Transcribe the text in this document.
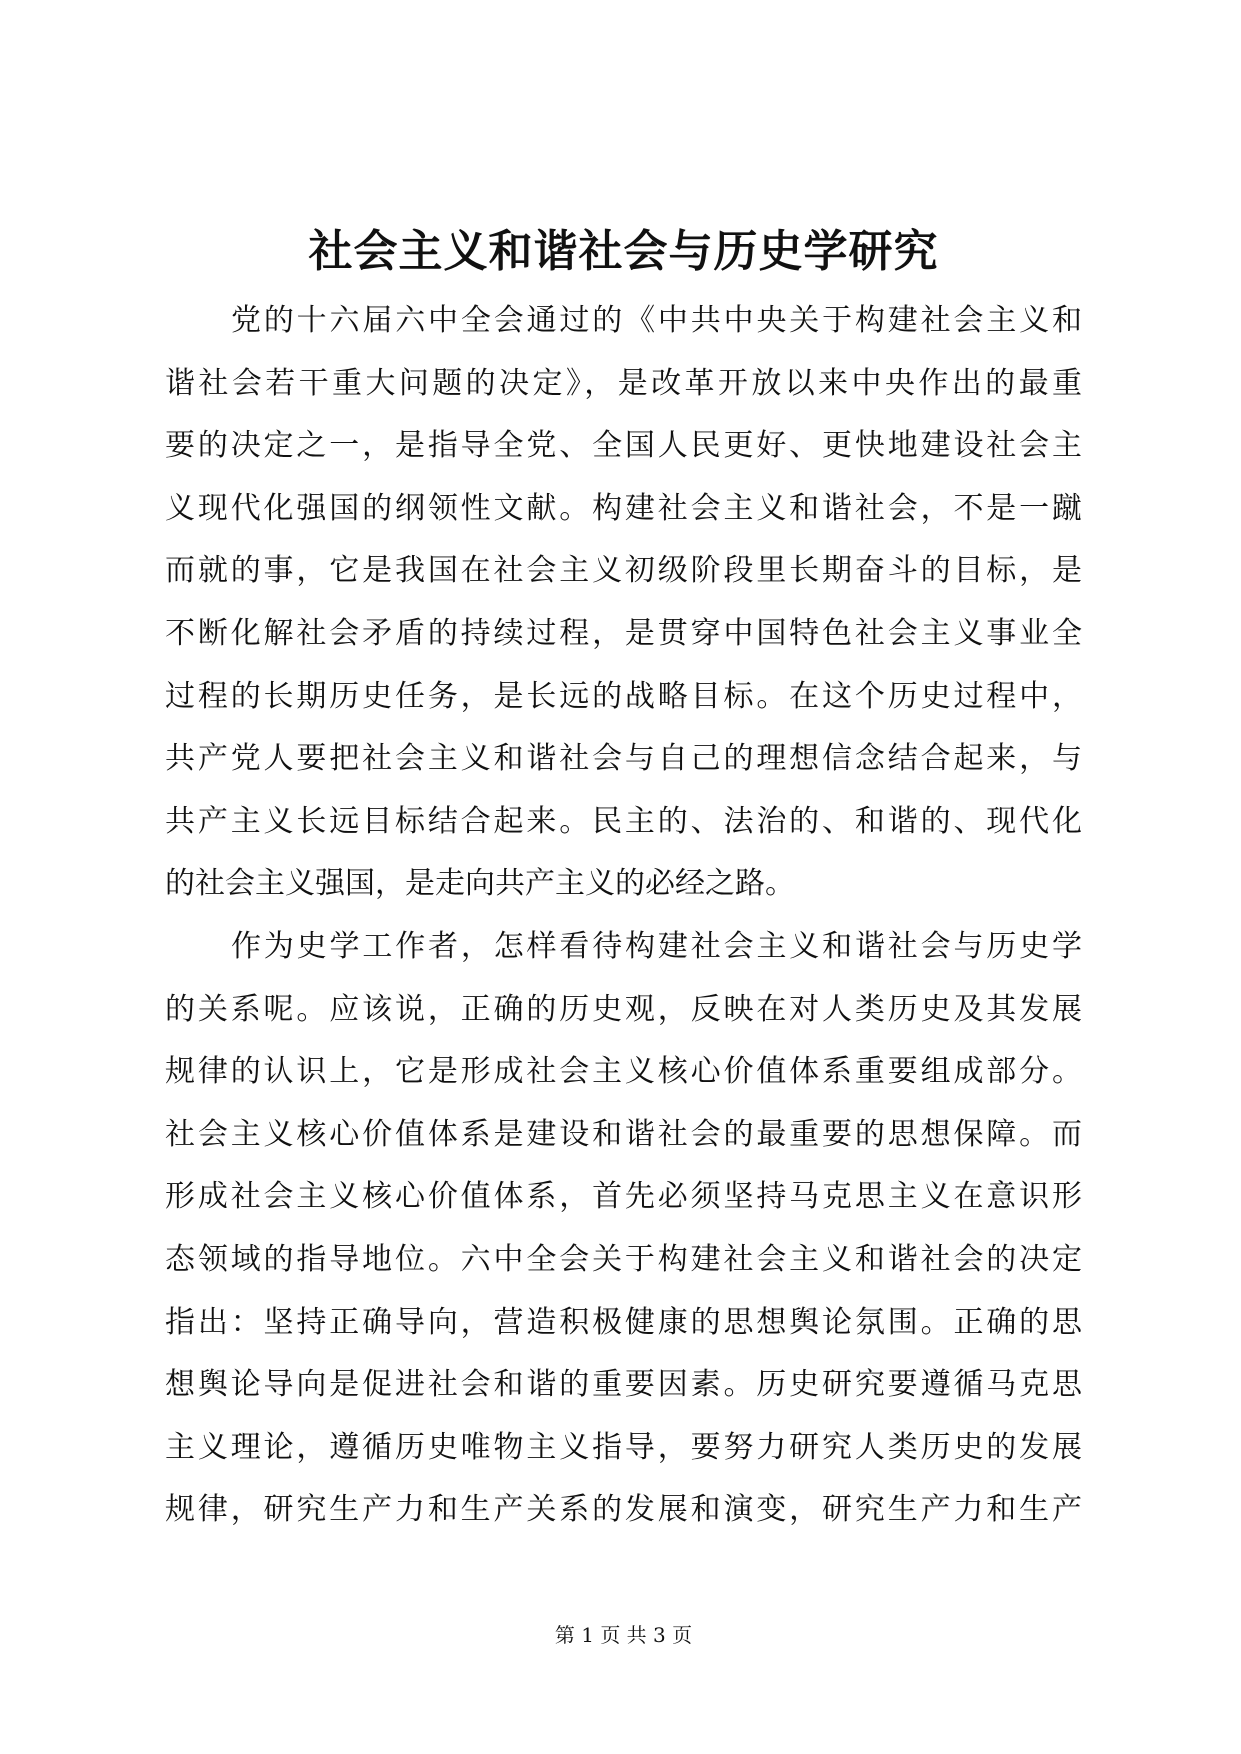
社会主义和谐社会与历史学研究
党的十六届六中全会通过的《中共中央关于构建社会主义和
谐社会若干重大问题的决定》，是改革开放以来中央作出的最重
要的决定之一，是指导全党、全国人民更好、更快地建设社会主
义现代化强国的纲领性文献。构建社会主义和谐社会，不是一蹴
而就的事，它是我国在社会主义初级阶段里长期奋斗的目标，是
不断化解社会矛盾的持续过程，是贯穿中国特色社会主义事业全
过程的长期历史任务，是长远的战略目标。在这个历史过程中，
共产党人要把社会主义和谐社会与自己的理想信念结合起来，与
共产主义长远目标结合起来。民主的、法治的、和谐的、现代化
的社会主义强国，是走向共产主义的必经之路。
作为史学工作者，怎样看待构建社会主义和谐社会与历史学
的关系呢。应该说，正确的历史观，反映在对人类历史及其发展
规律的认识上，它是形成社会主义核心价值体系重要组成部分。
社会主义核心价值体系是建设和谐社会的最重要的思想保障。而
形成社会主义核心价值体系，首先必须坚持马克思主义在意识形
态领域的指导地位。六中全会关于构建社会主义和谐社会的决定
指出：坚持正确导向，营造积极健康的思想舆论氛围。正确的思
想舆论导向是促进社会和谐的重要因素。历史研究要遵循马克思
主义理论，遵循历史唯物主义指导，要努力研究人类历史的发展
规律，研究生产力和生产关系的发展和演变，研究生产力和生产
第 1 页 共 3 页
